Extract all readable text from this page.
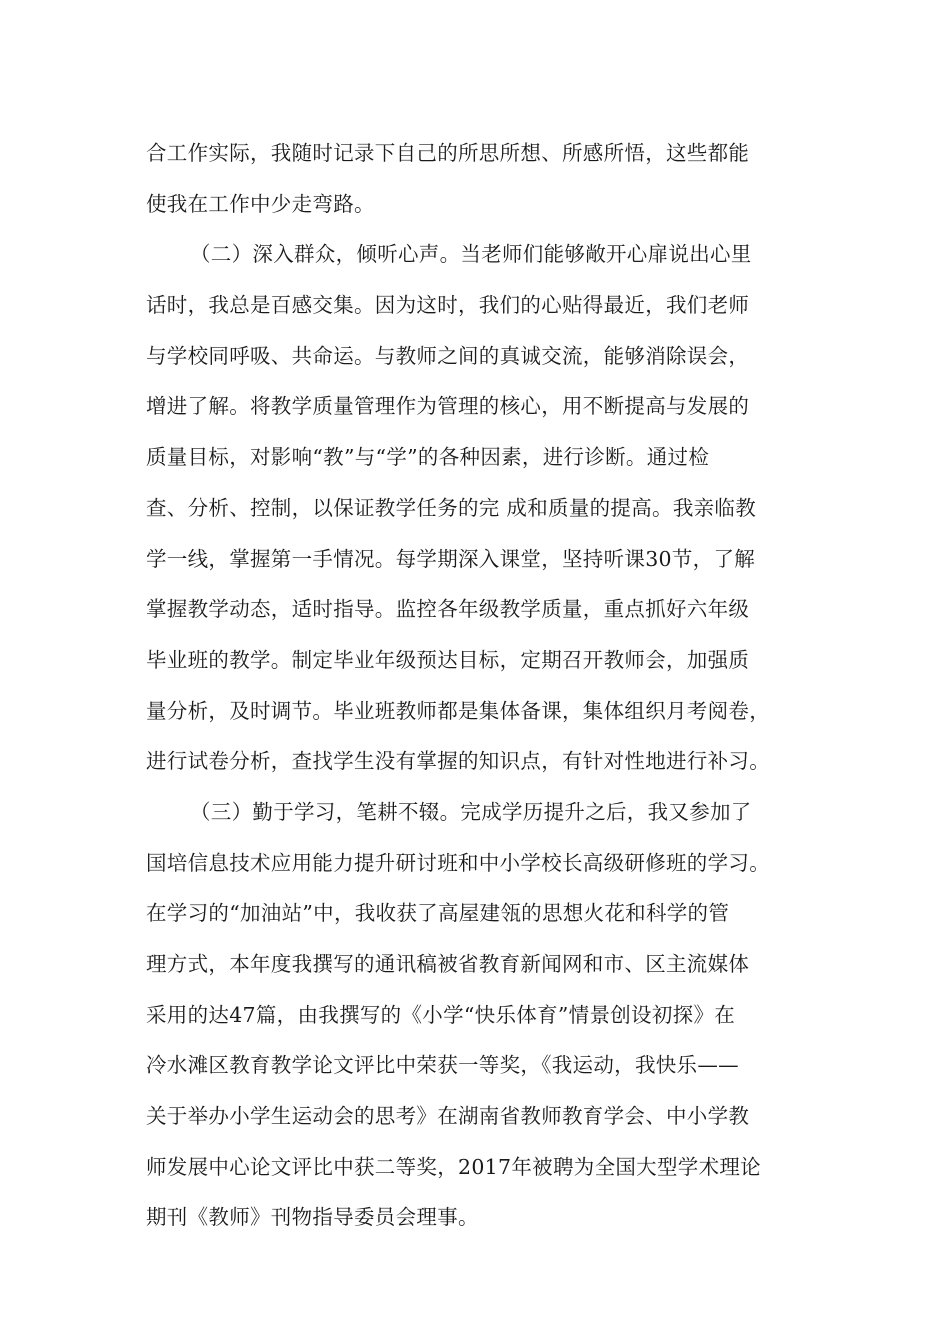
合工作实际，我随时记录下自己的所思所想、所感所悟，这些都能
使我在工作中少走弯路。
（二）深入群众，倾听心声。当老师们能够敞开心扉说出心里
话时，我总是百感交集。因为这时，我们的心贴得最近，我们老师
与学校同呼吸、共命运。与教师之间的真诚交流，能够消除误会，
增进了解。将教学质量管理作为管理的核心，用不断提高与发展的
质量目标，对影响“教”与“学”的各种因素，进行诊断。通过检
查、分析、控制，以保证教学任务的完 成和质量的提高。我亲临教
学一线，掌握第一手情况。每学期深入课堂，坚持听课30节，了解
掌握教学动态，适时指导。监控各年级教学质量，重点抓好六年级
毕业班的教学。制定毕业年级预达目标，定期召开教师会，加强质
量分析，及时调节。毕业班教师都是集体备课，集体组织月考阅卷，
进行试卷分析，查找学生没有掌握的知识点，有针对性地进行补习。
（三）勤于学习，笔耕不辍。完成学历提升之后，我又参加了
国培信息技术应用能力提升研讨班和中小学校长高级研修班的学习。
在学习的“加油站”中，我收获了高屋建瓴的思想火花和科学的管
理方式，本年度我撰写的通讯稿被省教育新闻网和市、区主流媒体
采用的达47篇，由我撰写的《小学“快乐体育”情景创设初探》在
冷水滩区教育教学论文评比中荣获一等奖，《我运动，我快乐——
关于举办小学生运动会的思考》在湖南省教师教育学会、中小学教
师发展中心论文评比中获二等奖，2017年被聘为全国大型学术理论
期刊《教师》刊物指导委员会理事。
